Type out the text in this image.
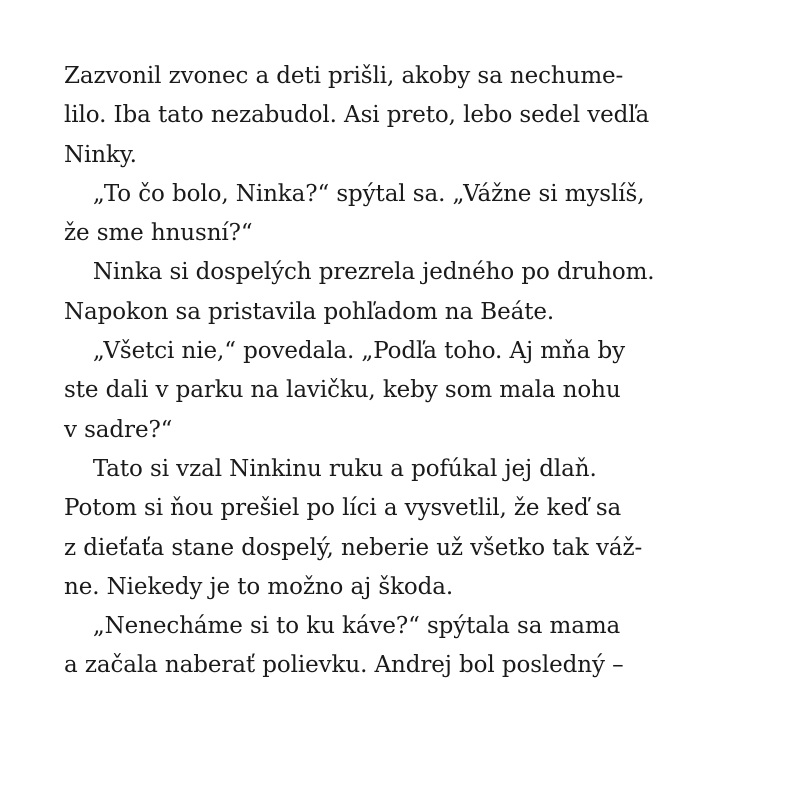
Zazvonil zvonec a deti prišli, akoby sa nechume-
lilo. Iba tato nezabudol. Asi preto, lebo sedel vedľa
Ninky.
„To čo bolo, Ninka?“ spýtal sa. „Vážne si myslíš,
že sme hnusní?“
Ninka si dospelých prezrela jedného po druhom.
Napokon sa pristavila pohľadom na Beáte.
„Všetci nie,“ povedala. „Podľa toho. Aj mňa by
ste dali v parku na lavičku, keby som mala nohu
v sadre?“
Tato si vzal Ninkinu ruku a pofúkal jej dlaň.
Potom si ňou prešiel po líci a vysvetlil, že keď sa
z dieťaťa stane dospelý, neberie už všetko tak váž-
ne. Niekedy je to možno aj škoda.
„Nenecháme si to ku káve?“ spýtala sa mama
a začala naberať polievku. Andrej bol posledný –
